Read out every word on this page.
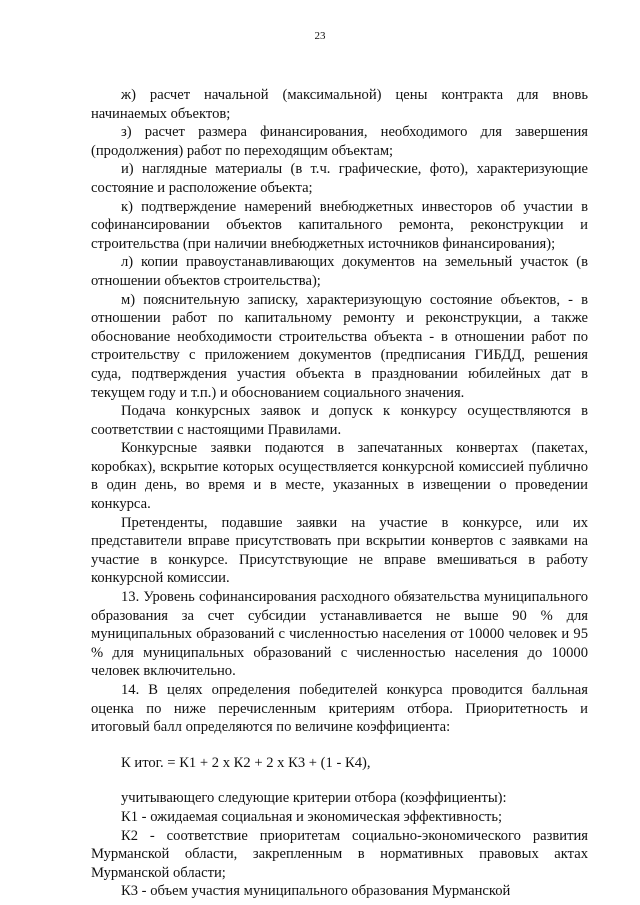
23

ж) расчет начальной (максимальной) цены контракта для вновь начинаемых объектов;

з) расчет размера финансирования, необходимого для завершения (продолжения) работ по переходящим объектам;

и) наглядные материалы (в т.ч. графические, фото), характеризующие состояние и расположение объекта;

к) подтверждение намерений внебюджетных инвесторов об участии в софинансировании объектов капитального ремонта, реконструкции и строительства (при наличии внебюджетных источников финансирования);

л) копии правоустанавливающих документов на земельный участок (в отношении объектов строительства);

м) пояснительную записку, характеризующую состояние объектов, - в отношении работ по капитальному ремонту и реконструкции, а также обоснование необходимости строительства объекта - в отношении работ по строительству с приложением документов (предписания ГИБДД, решения суда, подтверждения участия объекта в праздновании юбилейных дат в текущем году и т.п.) и обоснованием социального значения.

Подача конкурсных заявок и допуск к конкурсу осуществляются в соответствии с настоящими Правилами.

Конкурсные заявки подаются в запечатанных конвертах (пакетах, коробках), вскрытие которых осуществляется конкурсной комиссией публично в один день, во время и в месте, указанных в извещении о проведении конкурса.

Претенденты, подавшие заявки на участие в конкурсе, или их представители вправе присутствовать при вскрытии конвертов с заявками на участие в конкурсе. Присутствующие не вправе вмешиваться в работу конкурсной комиссии.

13. Уровень софинансирования расходного обязательства муниципального образования за счет субсидии устанавливается не выше 90 % для муниципальных образований с численностью населения от 10000 человек и 95 % для муниципальных образований с численностью населения до 10000 человек включительно.

14. В целях определения победителей конкурса проводится балльная оценка по ниже перечисленным критериям отбора. Приоритетность и итоговый балл определяются по величине коэффициента:

К итог. = К1 + 2 х К2 + 2 х К3 + (1 - К4),

учитывающего следующие критерии отбора (коэффициенты):

К1 - ожидаемая социальная и экономическая эффективность;

К2 - соответствие приоритетам социально-экономического развития Мурманской области, закрепленным в нормативных правовых актах Мурманской области;

К3 - объем участия муниципального образования Мурманской
